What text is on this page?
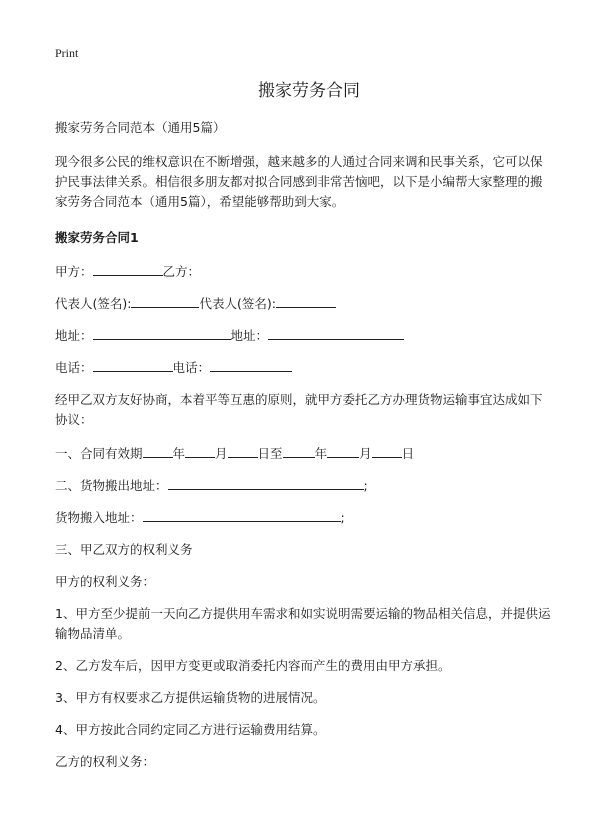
Print
搬家劳务合同
搬家劳务合同范本（通用5篇）
现今很多公民的维权意识在不断增强，越来越多的人通过合同来调和民事关系，它可以保护民事法律关系。相信很多朋友都对拟合同感到非常苦恼吧，以下是小编帮大家整理的搬家劳务合同范本（通用5篇），希望能够帮助到大家。
搬家劳务合同1
甲方：	乙方：
代表人(签名):	代表人(签名):
地址：	地址：
电话：	电话：
经甲乙双方友好协商，本着平等互惠的原则，就甲方委托乙方办理货物运输事宜达成如下协议：
一、合同有效期 年 月 日至	年	月 日
二、货物搬出地址：	;
货物搬入地址：	;
三、甲乙双方的权利义务
甲方的权利义务：
1、甲方至少提前一天向乙方提供用车需求和如实说明需要运输的物品相关信息，并提供运输物品清单。
2、乙方发车后，因甲方变更或取消委托内容而产生的费用由甲方承担。
3、甲方有权要求乙方提供运输货物的进展情况。
4、甲方按此合同约定同乙方进行运输费用结算。
乙方的权利义务：
